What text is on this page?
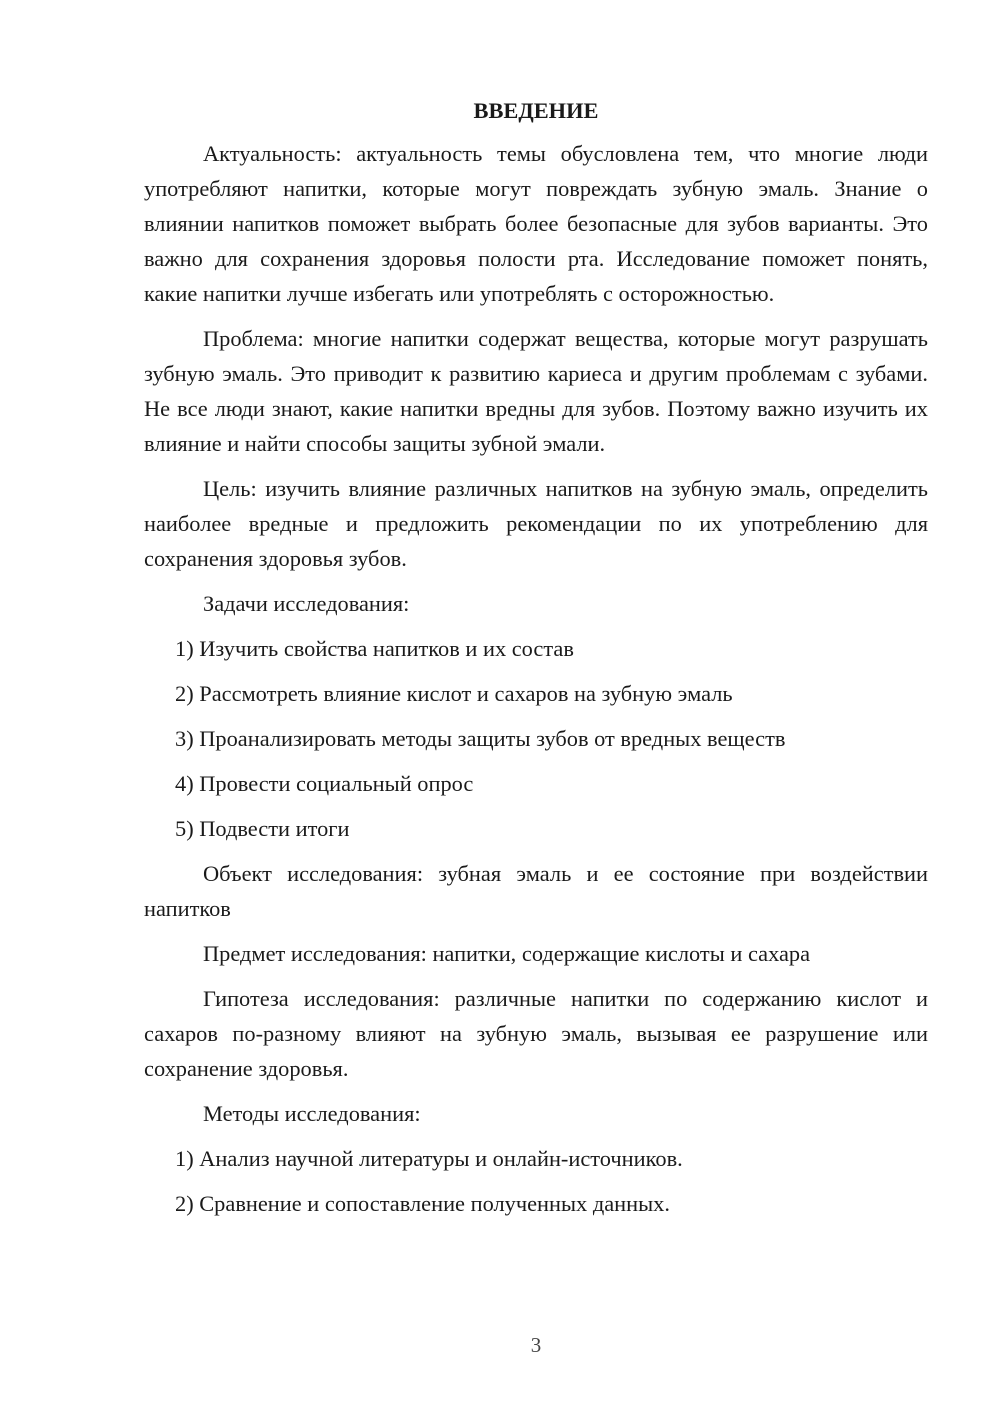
ВВЕДЕНИЕ
Актуальность: актуальность темы обусловлена тем, что многие люди употребляют напитки, которые могут повреждать зубную эмаль. Знание о влиянии напитков поможет выбрать более безопасные для зубов варианты. Это важно для сохранения здоровья полости рта. Исследование поможет понять, какие напитки лучше избегать или употреблять с осторожностью.
Проблема: многие напитки содержат вещества, которые могут разрушать зубную эмаль. Это приводит к развитию кариеса и другим проблемам с зубами. Не все люди знают, какие напитки вредны для зубов. Поэтому важно изучить их влияние и найти способы защиты зубной эмали.
Цель: изучить влияние различных напитков на зубную эмаль, определить наиболее вредные и предложить рекомендации по их употреблению для сохранения здоровья зубов.
Задачи исследования:
1) Изучить свойства напитков и их состав
2) Рассмотреть влияние кислот и сахаров на зубную эмаль
3) Проанализировать методы защиты зубов от вредных веществ
4) Провести социальный опрос
5) Подвести итоги
Объект исследования: зубная эмаль и ее состояние при воздействии напитков
Предмет исследования: напитки, содержащие кислоты и сахара
Гипотеза исследования: различные напитки по содержанию кислот и сахаров по-разному влияют на зубную эмаль, вызывая ее разрушение или сохранение здоровья.
Методы исследования:
1) Анализ научной литературы и онлайн-источников.
2) Сравнение и сопоставление полученных данных.
3
